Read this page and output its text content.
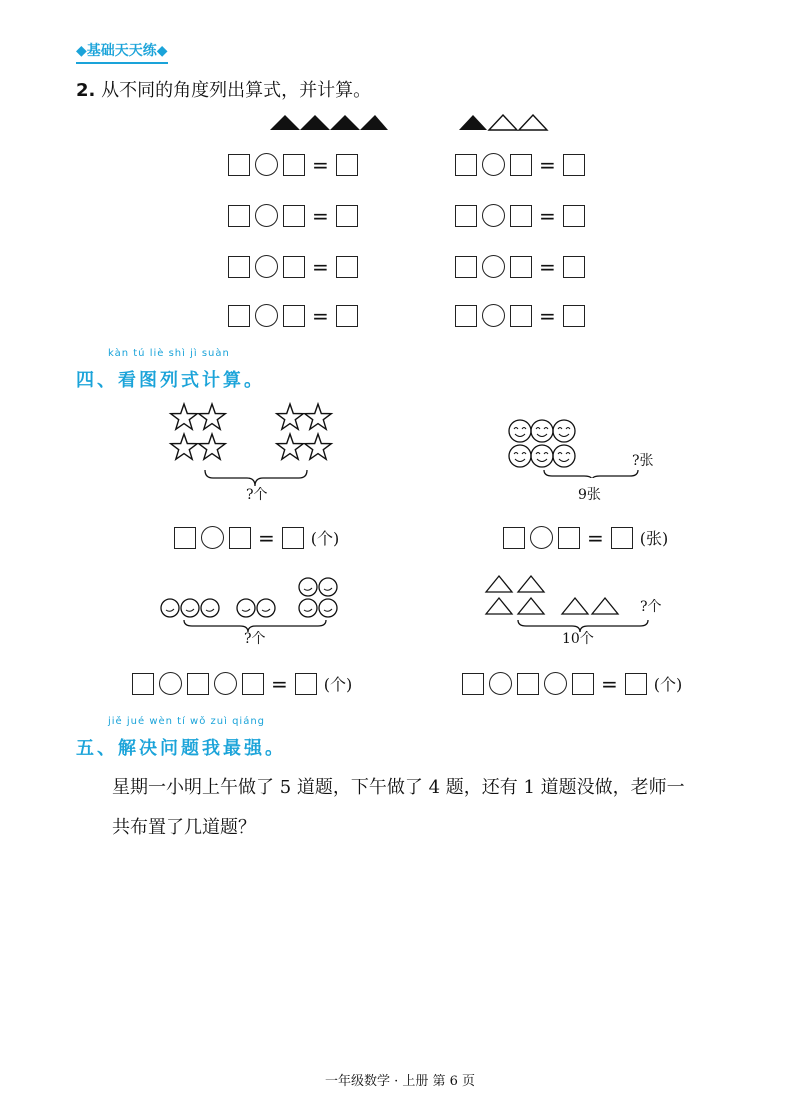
◆基础天天练◆
2. 从不同的角度列出算式，并计算。
=
=
=
=
=
=
=
=
kàn tú liè shì jì suàn
四、看图列式计算。
?个
= (个)
?张
9张
= (张)
?个
= (个)
?个
10个
= (个)
jiě jué wèn tí wǒ zuì qiáng
五、解决问题我最强。
星期一小明上午做了 5 道题，下午做了 4 题，还有 1 道题没做，老师一
共布置了几道题？
一年级数学 · 上册 第 6 页
